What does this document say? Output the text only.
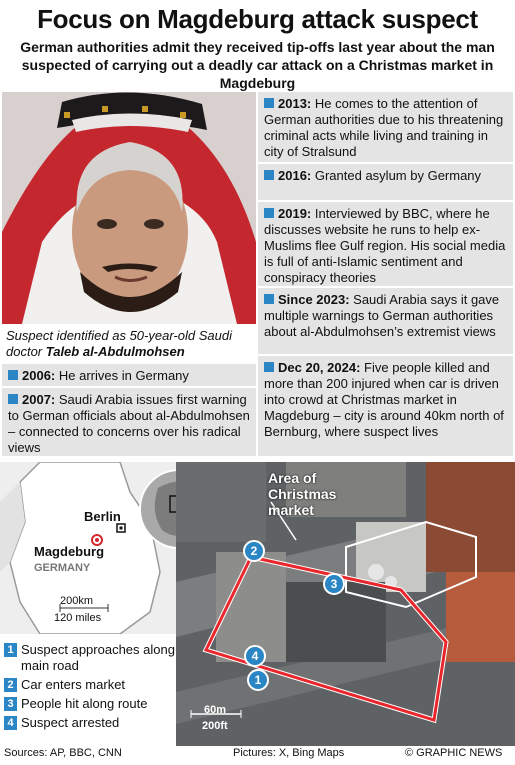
Focus on Magdeburg attack suspect
German authorities admit they received tip-offs last year about the man suspected of carrying out a deadly car attack on a Christmas market in Magdeburg
Suspect identified as 50-year-old Saudi doctor Taleb al-Abdulmohsen
2006: He arrives in Germany
2007: Saudi Arabia issues first warning to German officials about al-Abdulmohsen – connected to concerns over his radical views
2013: He comes to the attention of German authorities due to his threatening criminal acts while living and training in city of Stralsund
2016: Granted asylum by Germany
2019: Interviewed by BBC, where he discusses website he runs to help ex-Muslims flee Gulf region. His social media is full of anti-Islamic sentiment and conspiracy theories
Since 2023: Saudi Arabia says it gave multiple warnings to German authorities about al-Abdulmohsen’s extremist views
Dec 20, 2024: Five people killed and more than 200 injured when car is driven into crowd at Christmas market in Magdeburg – city is around 40km north of Bernburg, where suspect lives
Berlin
Magdeburg
GERMANY
200km
120 miles
Area of Christmas market
2
3
4
1
60m
200ft
1 Suspect approaches along main road
2 Car enters market
3 People hit along route
4 Suspect arrested
Sources: AP, BBC, CNN	Pictures: X, Bing Maps	© GRAPHIC NEWS
